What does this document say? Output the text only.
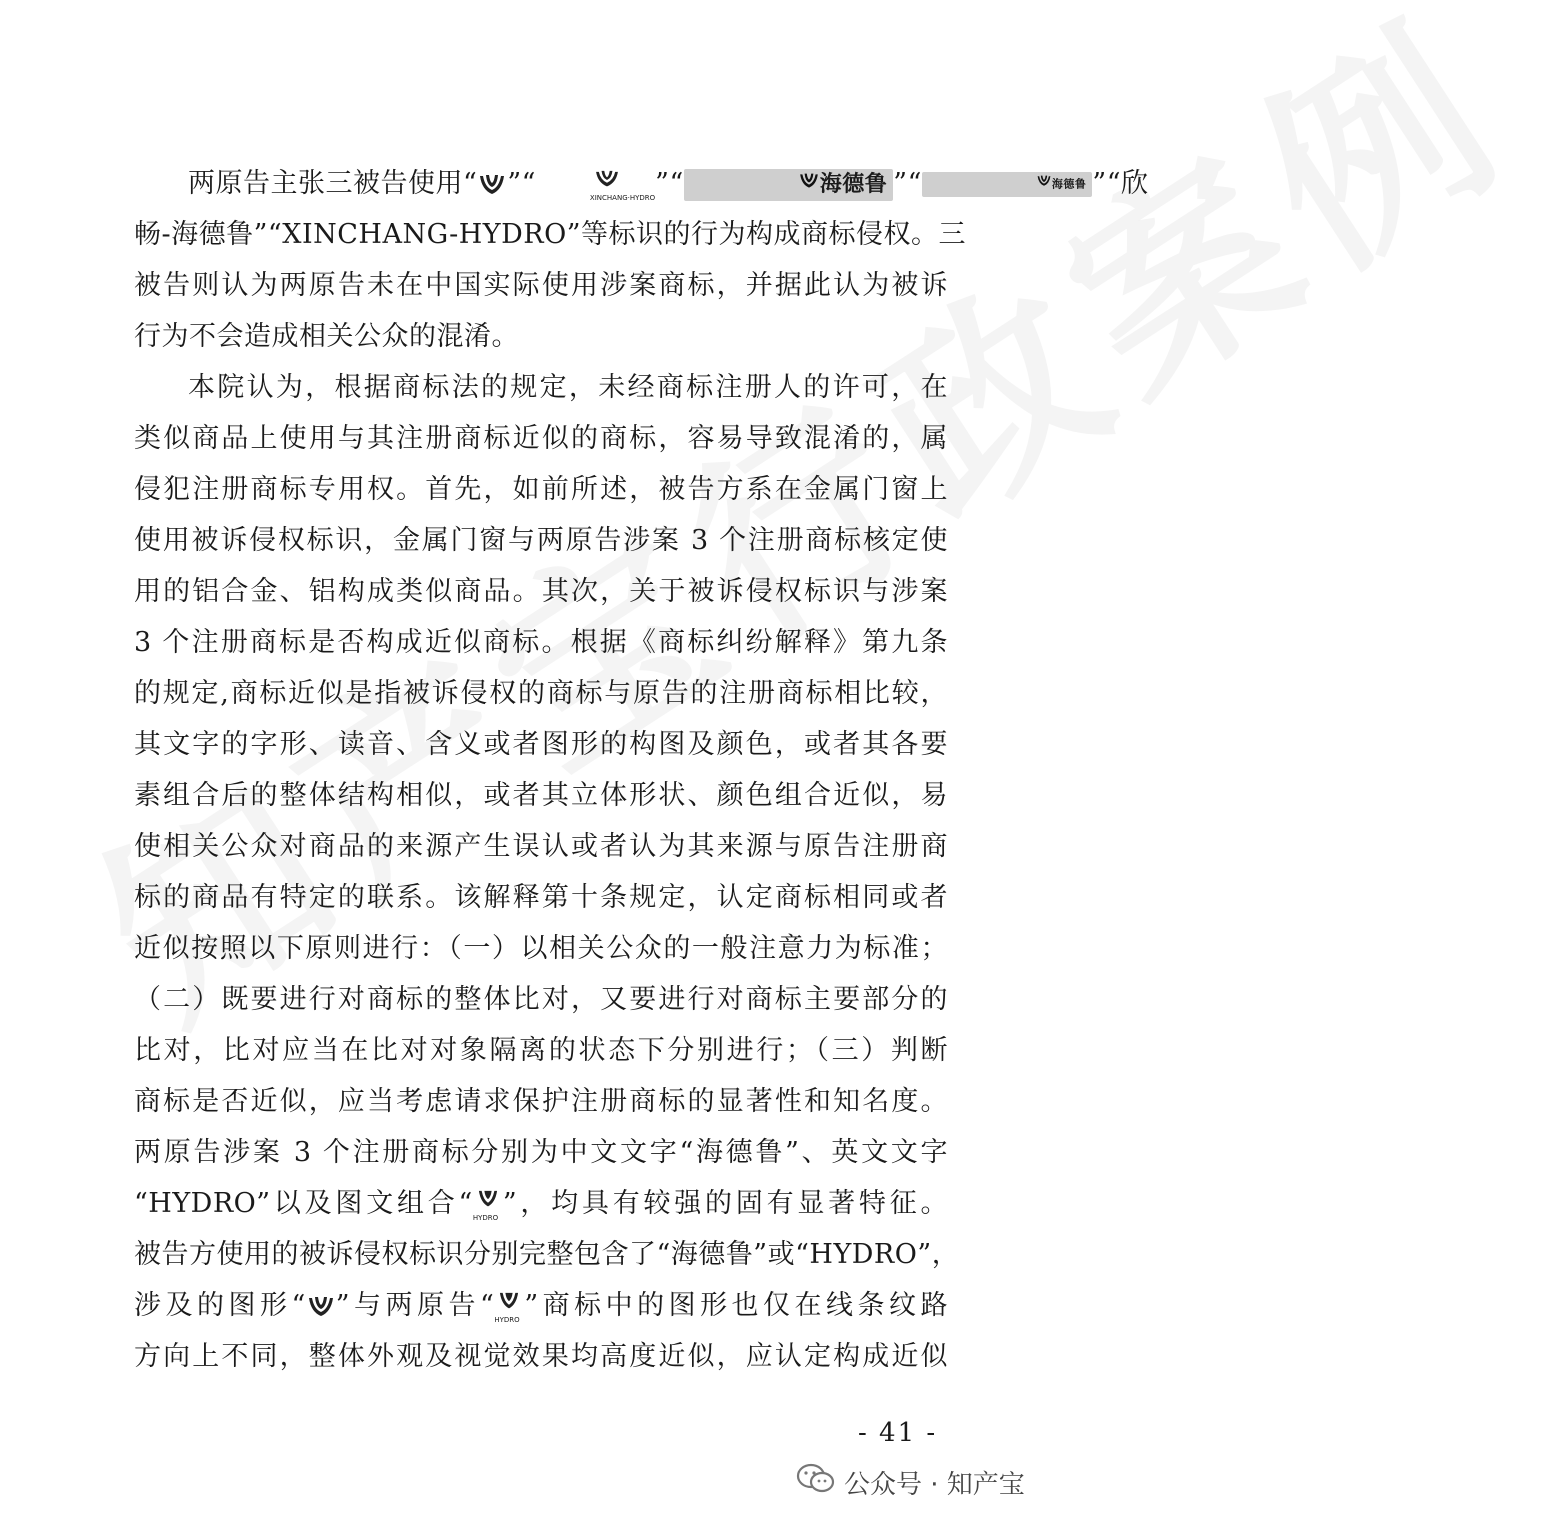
两原告主张三被告使用“ ”“	XINCHANG·HYDRO ”“	海德鲁 ”“	海德鲁 ”“欣
畅-海德鲁”“XINCHANG-HYDRO”等标识的行为构成商标侵权。三
被告则认为两原告未在中国实际使用涉案商标，并据此认为被诉
行为不会造成相关公众的混淆。
本院认为，根据商标法的规定，未经商标注册人的许可，在
类似商品上使用与其注册商标近似的商标，容易导致混淆的，属
侵犯注册商标专用权。首先，如前所述，被告方系在金属门窗上
使用被诉侵权标识，金属门窗与两原告涉案 3 个注册商标核定使
用的铝合金、铝构成类似商品。其次，关于被诉侵权标识与涉案
3 个注册商标是否构成近似商标。根据《商标纠纷解释》第九条
的规定,商标近似是指被诉侵权的商标与原告的注册商标相比较，
其文字的字形、读音、含义或者图形的构图及颜色，或者其各要
素组合后的整体结构相似，或者其立体形状、颜色组合近似，易
使相关公众对商品的来源产生误认或者认为其来源与原告注册商
标的商品有特定的联系。该解释第十条规定，认定商标相同或者
近似按照以下原则进行：（一）以相关公众的一般注意力为标准；
（二）既要进行对商标的整体比对，又要进行对商标主要部分的
比对，比对应当在比对对象隔离的状态下分别进行；（三）判断
商标是否近似，应当考虑请求保护注册商标的显著性和知名度。
两原告涉案 3 个注册商标分别为中文文字“海德鲁”、英文文字
“HYDRO”以及图文组合“ HYDRO ”，均具有较强的固有显著特征。
被告方使用的被诉侵权标识分别完整包含了“海德鲁”或“HYDRO”，
涉及的图形“ ”与两原告“ HYDRO ”商标中的图形也仅在线条纹路
方向上不同，整体外观及视觉效果均高度近似，应认定构成近似
- 41 -
公众号 · 知产宝
